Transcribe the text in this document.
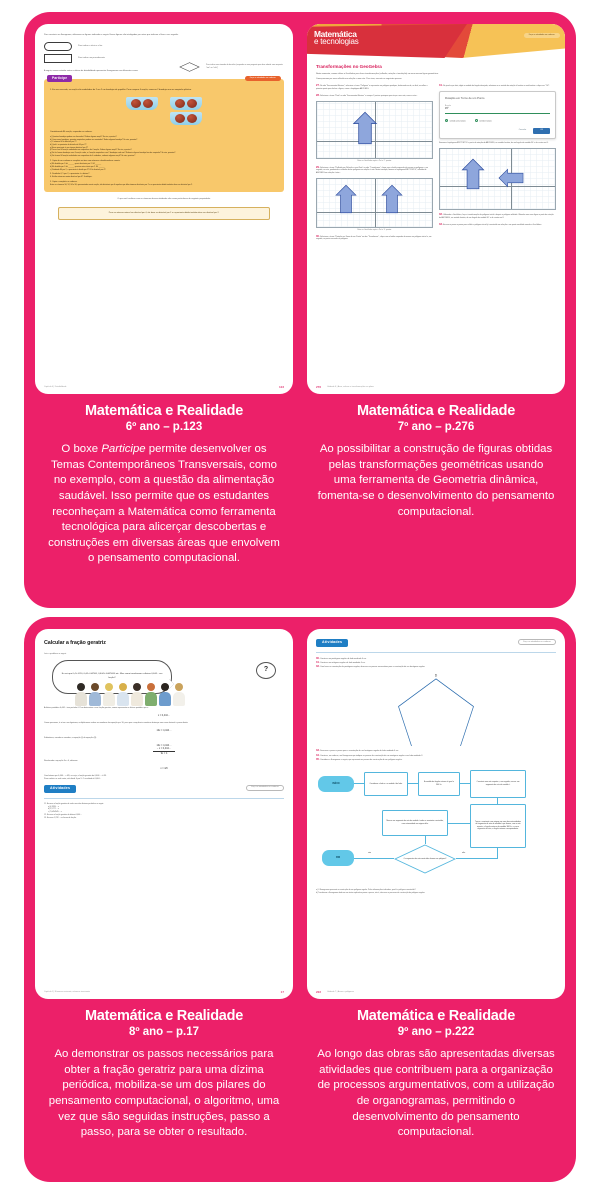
Para construir um fluxograma, utilizamos as figuras indicadas a seguir. Essas figuras são interligadas por setas que indicam o fluxo a ser seguido.
Para indicar o início e o fim.
Para indicar um procedimento.
Para indicar uma tomada de decisão (responder a uma pergunta que deve admitir uma resposta "sim" ou "não")
A seguir, vamos estudar outros critérios de divisibilidade apresentar fluxogramas nos diferentes casos.
Participe	Faça as atividades no caderno.
1. Em um mercado, as maçãs são embaladas de 2 em 2 em bandejas de papelão. Para comprar 4 maçãs, usam-se 2 bandejas em um saquinho plástico.
Considerando 84 maçãs, responda no caderno.
a) Quantas bandejas podem ser formadas? Sobra alguma maçã? Se sim, quantas?
b) Com essas bandejas, quantos saquinhos podem ser montados? Sobra alguma bandeja? Se sim, quantas?
c) O número 84 é divisível por 2?
d) Qual é o quociente da divisão de 84 por 2?
e) Esse quociente é um número divisível por 2?
f) Pense nas 84 maçãs embaladas em saquinhos de 4 maçãs. Sobra alguma maçã? Se sim, quantas?
g) Se for formar bandejas com 3 maçãs cada, e 4 maçãs saquinhos com 2 bandejas cada um? Sobraria alguma bandeja fora do saquinho? Se sim, quantas?
h) Se formar 84 maçãs embaladas em saquinhos de 4 unidades, sobraria alguma maçã? Se sim, quantas?
2. Copie de seu caderno e complete os itens com números classificando-os correta.
a) 84 dividido por 2 dá ______ quant divisíveis por 2. 84 ______
b) 84 dividido por 2 dá ______ quantos entre totais por 2. 84 ______
c) Dividindo 84 por 2, o quociente é dividir por 2? 63 é divisível por 4?
3. Dividindo 4, 5 por 2, o quociente é o divisor?
4. Estão números maior divisível por 4? Justifique.
5. Copie e complete no caderno.
Entre os números 50, 52, 84 e 96, apresentados nesta seção, são divisíveis por 4 aqueles que dão números divisíveis por 2 e os quociente obtido também dava ser divisível por 2.
O que você verificou com os números dessas atividades são casos particulares da seguinte propriedade:
Para um número natural ser divisível por 4, ele deve ser divisível por 2 e o quociente obtido também deve ser divisível por 2.
Capítulo 4 | Divisibilidade	123
Matemática e Realidade
6º ano – p.123
O boxe Participe permite desenvolver os Temas Contemporâneos Transversais, como no exemplo, com a questão da alimentação saudável. Isso permite que os estudantes reconheçam a Matemática como ferramenta tecnológica para alicerçar descobertas e construções em diversas áreas que envolvem o pensamento computacional.
Matemática
e tecnologias
Faça as atividades no caderno.
Transformações no GeoGebra
Neste momento, vamos utilizar o GeoGebra para fazer transformações (reflexão, rotação e translação) em uma mesma figura geométrica.
Começaremos por uma reflexão em relação a uma reta. Para isso, execute os seguintes passos:
27. Na aba "Ferramentas Básicas", selecione o ícone "Polígono" e represente um polígono qualquer, lembrando-se de, ao final, escolher o primeiro ponto para fechar a figura, como o heptágono ABCDEFG.
28. Selecione o ícone "Reta" na aba "Ferramentas Básicas" e marque 2 pontos quaisquer para traçar uma reta, como a reta r.
Reta no GeoGebra após a Pré e 2ª pontos.
29. Selecione o ícone "Reflexão em Relação a uma Reta" na aba "Transformar", clique com o botão esquerdo do mouse no polígono e, em seguida, na reta, produzindo a reflexão desse polígono em relação à reta. Neste exemplo, fizemos o heptágono A'B'C'D'E'F'G', refletido de ABCDEFG em relação à reta r.
Reta no GeoGebra após o Pré e 3ª pontos.
30. Selecione o ícone "Rotação em Torno de um Ponto" na aba "Transformar", clique com o botão esquerdo do mouse no polígono inicial e, em seguida, no ponto marcado no polígono.
31. Na janela que abrir, digite a medida do ângulo desejada, selecione-se o sentido da rotação é horário ou anti-horário e clique em "OK".
Rotação em Torno de um Ponto
Ângulo
45°
sentido anti-horário	sentido horário
Cancelar	OK
Fizemos o heptágono A'B'C'D'E'F'G' a partir da rotação de ABCDEFG, no sentido horário, de um ângulo de medida 90° e de centro em K.
32. Utilizando o GeoGebra, faça a transformação do polígono inicial e depois o polígono refletido. Obtenha uma nova figura a partir da rotação de ABCDEFG, no sentido horário, de um ângulo de medida 90° e de centro em K.
33. Escreva o passo a passo para refletir o polígono inicial já construído em relação a um ponto escolhido usando o GeoGebra.
276	Unidade 6 | Área, volume e transformações no plano
Matemática e Realidade
7º ano – p.276
Ao possibilitar a construção de figuras obtidas pelas transformações geométricas usando uma ferramenta de Geometria dinâmica, fomenta-se o desenvolvimento do pensamento computacional.
Calcular a fração geratriz
Leia o problema a seguir.
Eu sei que 0,4 é 4/10, 0,44 é 44/100, 0,444 é 444/1000 etc. Mas como transformar a dízima 0,444... em fração?
?
A dízima periódica 0,444... tem período 4. Para determinar a sua fração geratriz, vamos representar a dízima periódica por x.
x = 0,444…
Como operamos, é só em um algarismo, multiplicamos ambos os membros da equação por 10, para que a sequência numérica destaque uma casa decimal a prova direita.
10x = 4,444…
Subtraímos, membro a membro, a equação (I) da equação (II):
10x = 4,444…
− x = 0,444…
9x = 4
Resolvendo a equação 9x = 4, obtemos:
x = 4/9
Concluímos que 0,444… = 4/9, ou seja, a fração geratriz de 0,444… é 4/9.
Para conferir se está certo, etá dividir 4 por 9. O resultado é 0,444…
Atividades	Faça as atividades no caderno.
11. Escreva a fração geratriz de cada uma das dízimas periódicas a seguir.
a) 0,3333… =
b) 2,5777… =
c) 7,0454545… =
12. Escreva a fração geratriz da dízima 0,444…
13. Escreva 1,232… na forma de fração.
Capítulo 1 | Números racionais, números irracionais	17
Matemática e Realidade
8º ano – p.17
Ao demonstrar os passos necessários para obter a fração geratriz para uma dízima periódica, mobiliza-se um dos pilares do pensamento computacional, o algoritmo, uma vez que são seguidas instruções, passo a passo, para se obter o resultado.
Atividades	Faça as atividades no caderno.
30. Construa um pentágono regular de lado medindo 4 cm.
31. Construa um octógono regular de lado medindo 4 cm.
32. Com base na construção do pentágono regular, descreva os passos necessários para a construção de um decágono regular.
D
33. Descreva o passo a passo para a construção de um hexágono regular de lado medindo 4 cm.
34. Construa, no caderno, um fluxograma que indique os passos da construção de um eneágono regular com lado medindo 3.
35. Considere o fluxograma a seguir, que apresenta os passos de construção de um polígono regular.
INÍCIO	Considerar o lado n e a medida ℓ do lado.
A medida do ângulo externo é igual a 360°/n.
Construir uma reta suporte s, em seguida, marcar um segmento de reta de medida ℓ.
Traçar a semirreta com origem em uma das extremidades do segmento de reta de medida ℓ que formar, com a reta suporte, o ângulo externo de medida 360°/n, e com o segmento de reta, o ângulo interno correspondente.
Marcar um segmento de reta de medida ℓ sobre a semirreta construída, com extremidade na origem dela.
Os segmentos de reta construídos formam um polígono?
FIM
sim	não
a) O fluxograma apresenta a construção de um polígono regular. Pelas informações indicadas, qual é o polígono construído?
b) Transforme o fluxograma dado em um texto explicativo passo a passo, isto é, descreva o processo de construção do polígono regular.
222	Unidade 7 | Áreas e polígonos
Matemática e Realidade
9º ano – p.222
Ao longo das obras são apresentadas diversas atividades que contribuem para a organização de processos argumentativos, com a utilização de organogramas, permitindo o desenvolvimento do pensamento computacional.
